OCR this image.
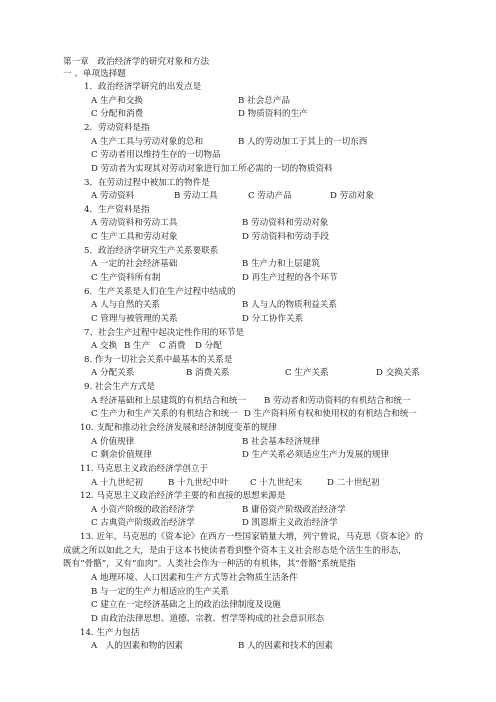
第一章　政治经济学的研究对象和方法
一 、单项选择题
1．政治经济学研究的出发点是
A 生产和交换	B 社会总产品
C 分配和消费	D 物质资料的生产
2．劳动资料是指
A 生产工具与劳动对象的总和	B 人的劳动加工于其上的一切东西
C 劳动者用以维持生存的一切物品
D 劳动者为实现其对劳动对象进行加工所必需的一切的物质资料
3．在劳动过程中被加工的物件是
A 劳动资料	B 劳动工具	C 劳动产品	D 劳动对象
4．生产资料是指
A 劳动资料和劳动工具	B 劳动资料和劳动对象
C 生产工具和劳动对象	D 劳动资料和劳动手段
5．政治经济学研究生产关系要联系
A 一定的社会经济基础	B 生产力和上层建筑
C 生产资料所有制	D 再生产过程的各个环节
6．生产关系是人们在生产过程中结成的
A 人与自然的关系	B 人与人的物质利益关系
C 管理与被管理的关系	D 分工协作关系
7、社会生产过程中起决定性作用的环节是
A 交换 B 生产 C 消费 D 分配
8. 作为一切社会关系中最基本的关系是
A 分配关系	B 消费关系	C 生产关系	D 交换关系
9. 社会生产方式是
A 经济基础和上层建筑的有机结合和统一 B 劳动者和劳动资料的有机结合和统一
C 生产力和生产关系的有机结合和统一 D 生产资料所有权和使用权的有机结合和统一
10. 支配和推动社会经济发展和经济制度变革的规律
A 价值规律	B 社会基本经济规律
C 剩余价值规律	D 生产关系必须适应生产力发展的规律
11. 马克思主义政治经济学创立于
A 十九世纪初	B 十九世纪中叶 C 十九世纪末	D 二十世纪初
12. 马克思主义政治经济学主要的和直接的思想来源是
A 小资产阶级的政治经济学	B 庸俗资产阶级政治经济学
C 古典资产阶级政治经济学	D 凯恩斯主义政治经济学
13. 近年，马克思的《资本论》在西方一些国家销量大增，列宁曾说，马克思《资本论》的
成就之所以如此之大，是由于这本书使读者看到整个资本主义社会形态是个活生生的形态，
既有“骨骼”，又有“血肉”。人类社会作为一种活的有机体，其“骨骼”系统是指
A 地理环境、人口因素和生产方式等社会物质生活条件
B 与一定的生产力相适应的生产关系
C 建立在一定经济基础之上的政治法律制度及设施
D 由政治法律思想、道德、宗教、哲学等构成的社会意识形态
14. 生产力包括
A　人的因素和物的因素	B 人的因素和技术的因素
